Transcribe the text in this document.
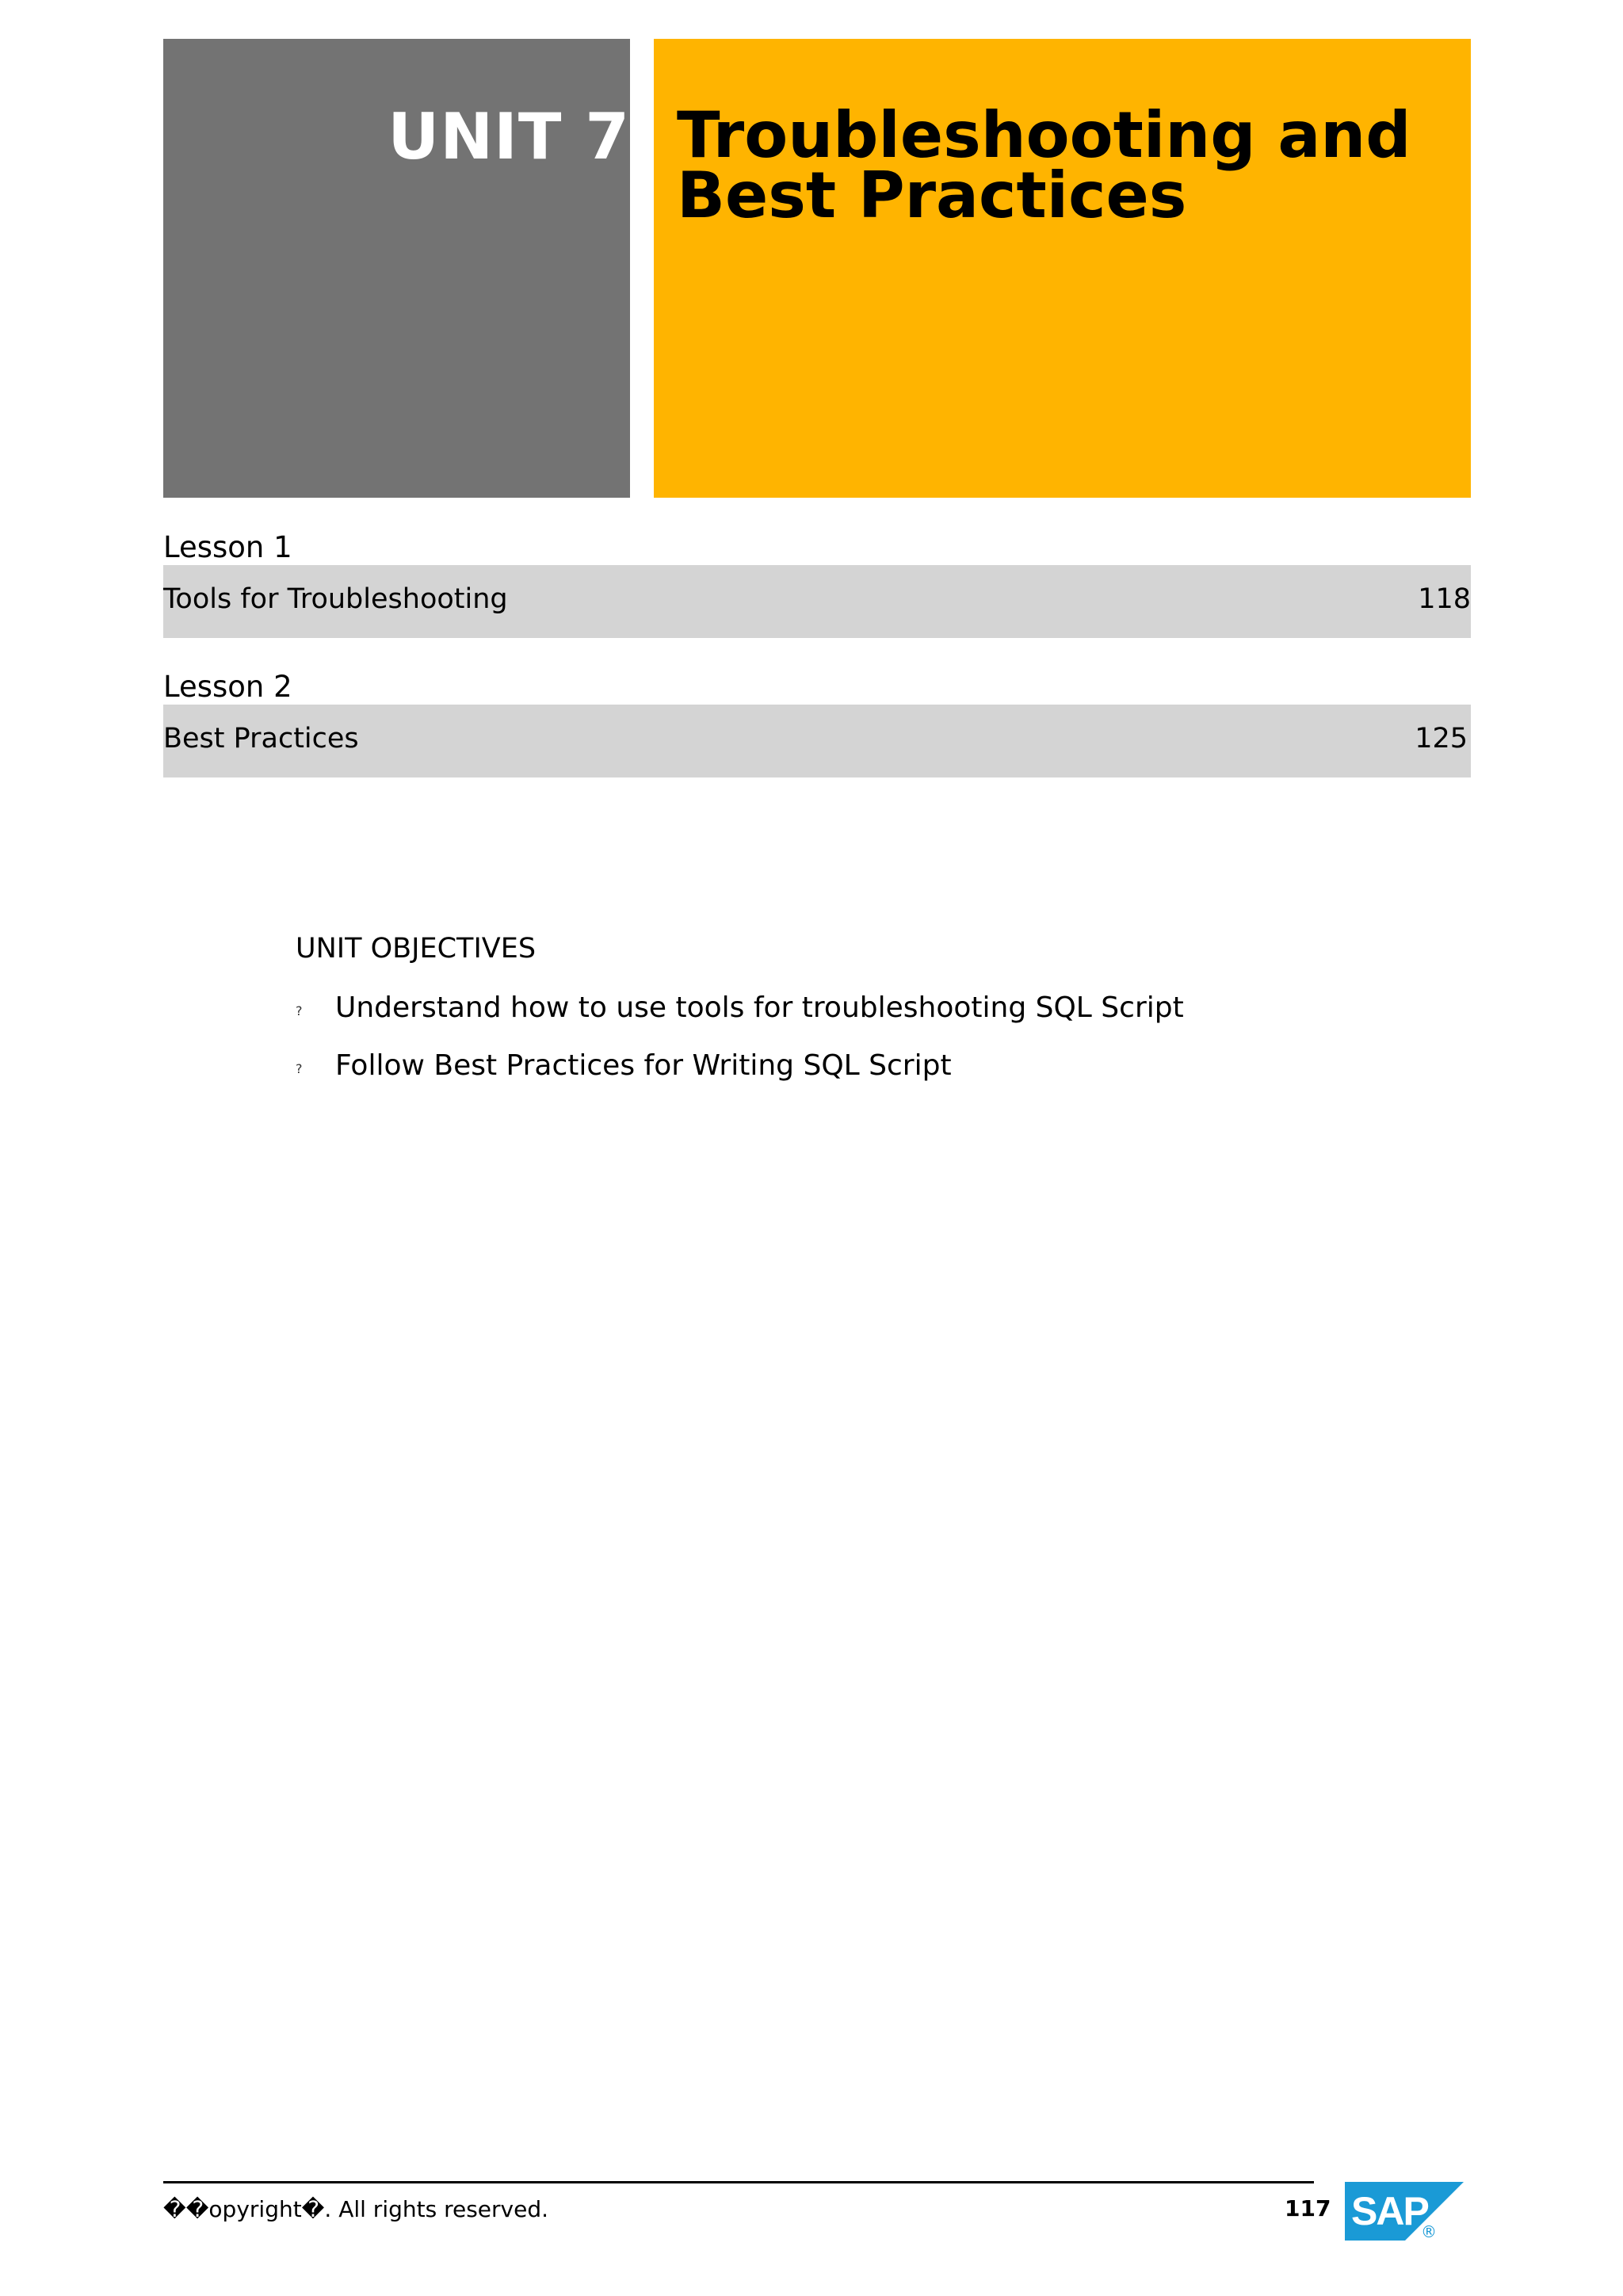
UNIT 7 Troubleshooting and Best Practices
Lesson 1
Tools for Troubleshooting	118
Lesson 2
Best Practices	125
UNIT OBJECTIVES
? Understand how to use tools for troubleshooting SQL Script
? Follow Best Practices for Writing SQL Script
��opyright�. All rights reserved.	117 SAP
®
